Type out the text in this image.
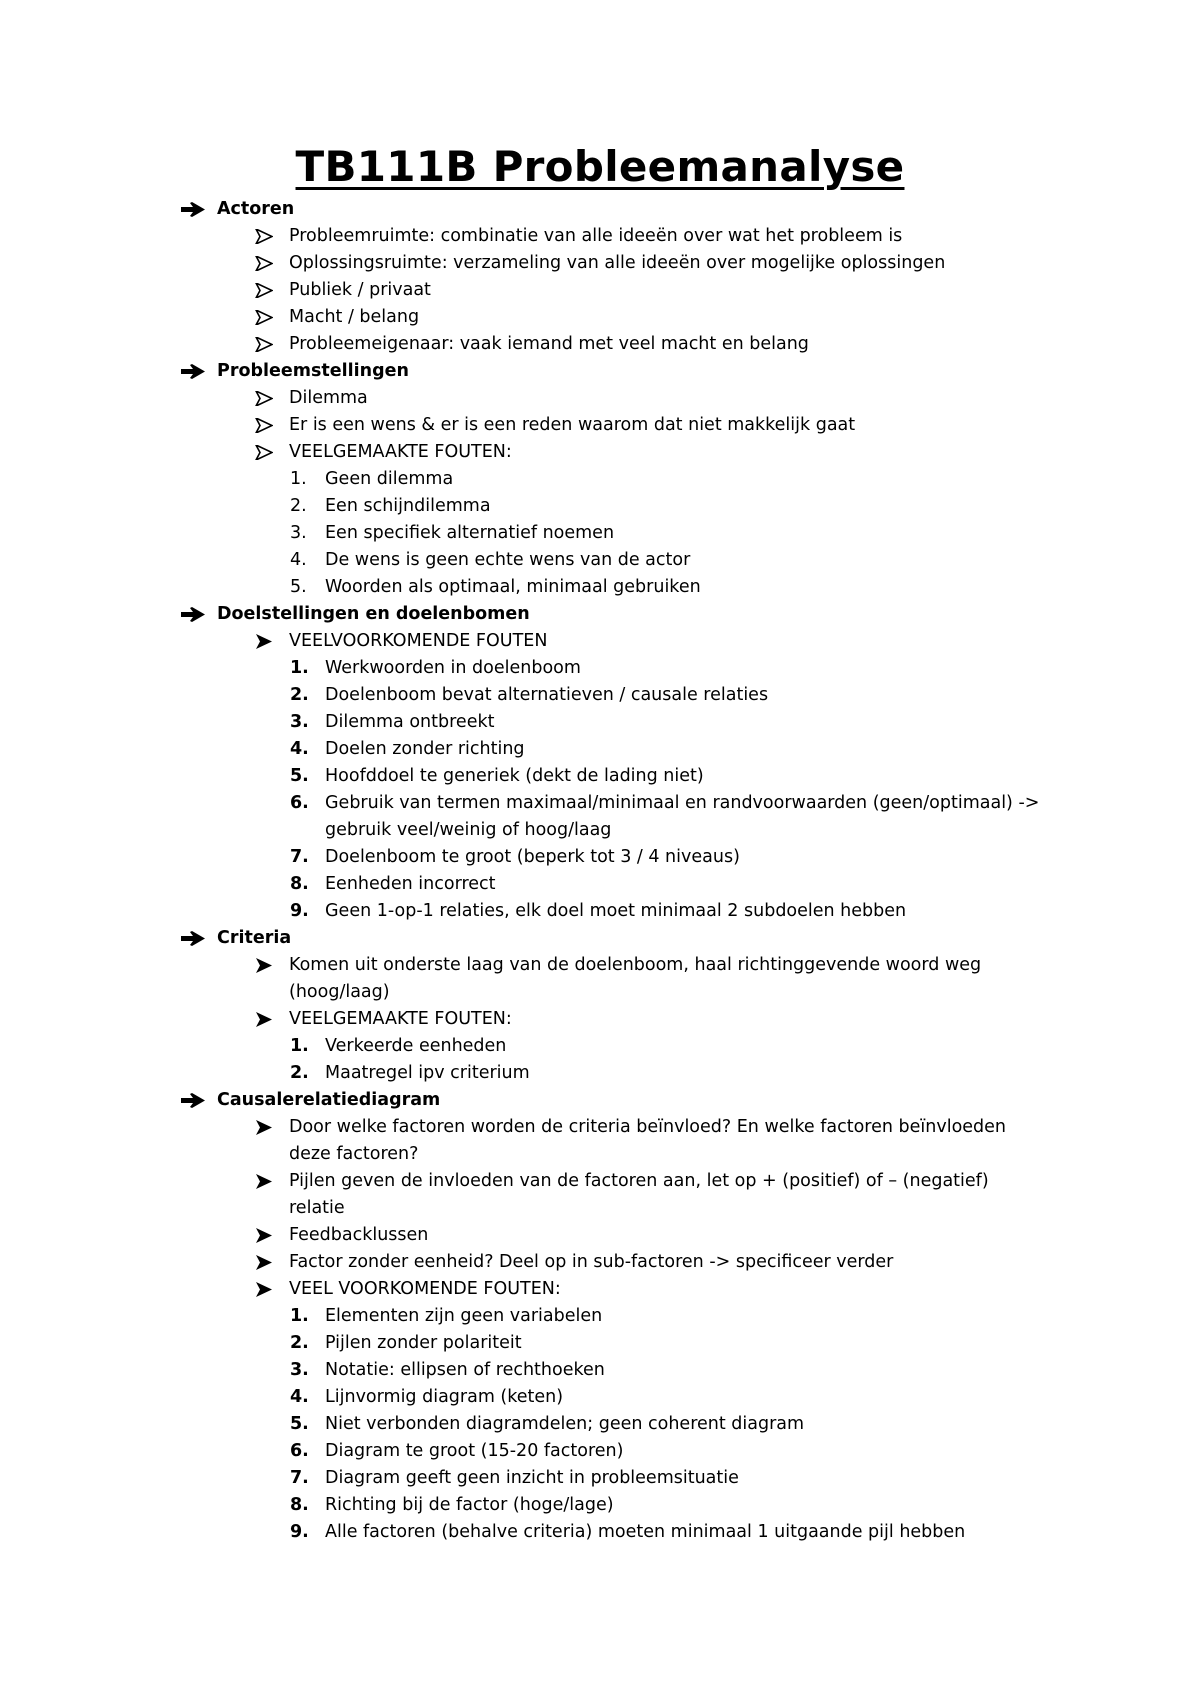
TB111B Probleemanalyse
Actoren
Probleemruimte: combinatie van alle ideeën over wat het probleem is
Oplossingsruimte: verzameling van alle ideeën over mogelijke oplossingen
Publiek / privaat
Macht / belang
Probleemeigenaar: vaak iemand met veel macht en belang
Probleemstellingen
Dilemma
Er is een wens & er is een reden waarom dat niet makkelijk gaat
VEELGEMAAKTE FOUTEN:
1. Geen dilemma
2. Een schijndilemma
3. Een specifiek alternatief noemen
4. De wens is geen echte wens van de actor
5. Woorden als optimaal, minimaal gebruiken
Doelstellingen en doelenbomen
VEELVOORKOMENDE FOUTEN
1. Werkwoorden in doelenboom
2. Doelenboom bevat alternatieven / causale relaties
3. Dilemma ontbreekt
4. Doelen zonder richting
5. Hoofddoel te generiek (dekt de lading niet)
6. Gebruik van termen maximaal/minimaal en randvoorwaarden (geen/optimaal) ->
gebruik veel/weinig of hoog/laag
7. Doelenboom te groot (beperk tot 3 / 4 niveaus)
8. Eenheden incorrect
9. Geen 1-op-1 relaties, elk doel moet minimaal 2 subdoelen hebben
Criteria
Komen uit onderste laag van de doelenboom, haal richtinggevende woord weg
(hoog/laag)
VEELGEMAAKTE FOUTEN:
1. Verkeerde eenheden
2. Maatregel ipv criterium
Causalerelatiediagram
Door welke factoren worden de criteria beïnvloed? En welke factoren beïnvloeden
deze factoren?
Pijlen geven de invloeden van de factoren aan, let op + (positief) of – (negatief)
relatie
Feedbacklussen
Factor zonder eenheid? Deel op in sub-factoren -> specificeer verder
VEEL VOORKOMENDE FOUTEN:
1. Elementen zijn geen variabelen
2. Pijlen zonder polariteit
3. Notatie: ellipsen of rechthoeken
4. Lijnvormig diagram (keten)
5. Niet verbonden diagramdelen; geen coherent diagram
6. Diagram te groot (15-20 factoren)
7. Diagram geeft geen inzicht in probleemsituatie
8. Richting bij de factor (hoge/lage)
9. Alle factoren (behalve criteria) moeten minimaal 1 uitgaande pijl hebben
